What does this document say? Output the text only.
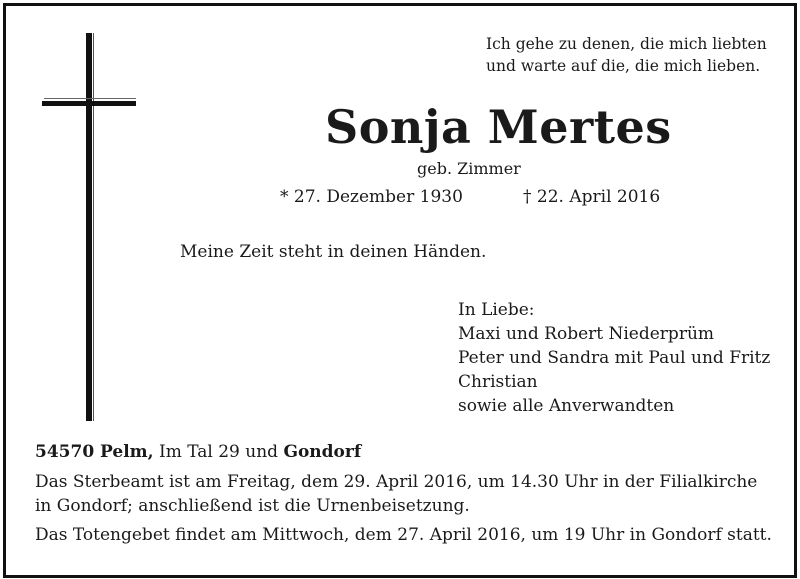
Ich gehe zu denen, die mich liebten
und warte auf die, die mich lieben.
Sonja Mertes
geb. Zimmer
* 27. Dezember 1930	† 22. April 2016
Meine Zeit steht in deinen Händen.
In Liebe:
Maxi und Robert Niederprüm
Peter und Sandra mit Paul und Fritz
Christian
sowie alle Anverwandten
54570 Pelm, Im Tal 29 und Gondorf

Das Sterbeamt ist am Freitag, dem 29. April 2016, um 14.30 Uhr in der Filialkirche in Gondorf; anschließend ist die Urnenbeisetzung.

Das Totengebet findet am Mittwoch, dem 27. April 2016, um 19 Uhr in Gondorf statt.
